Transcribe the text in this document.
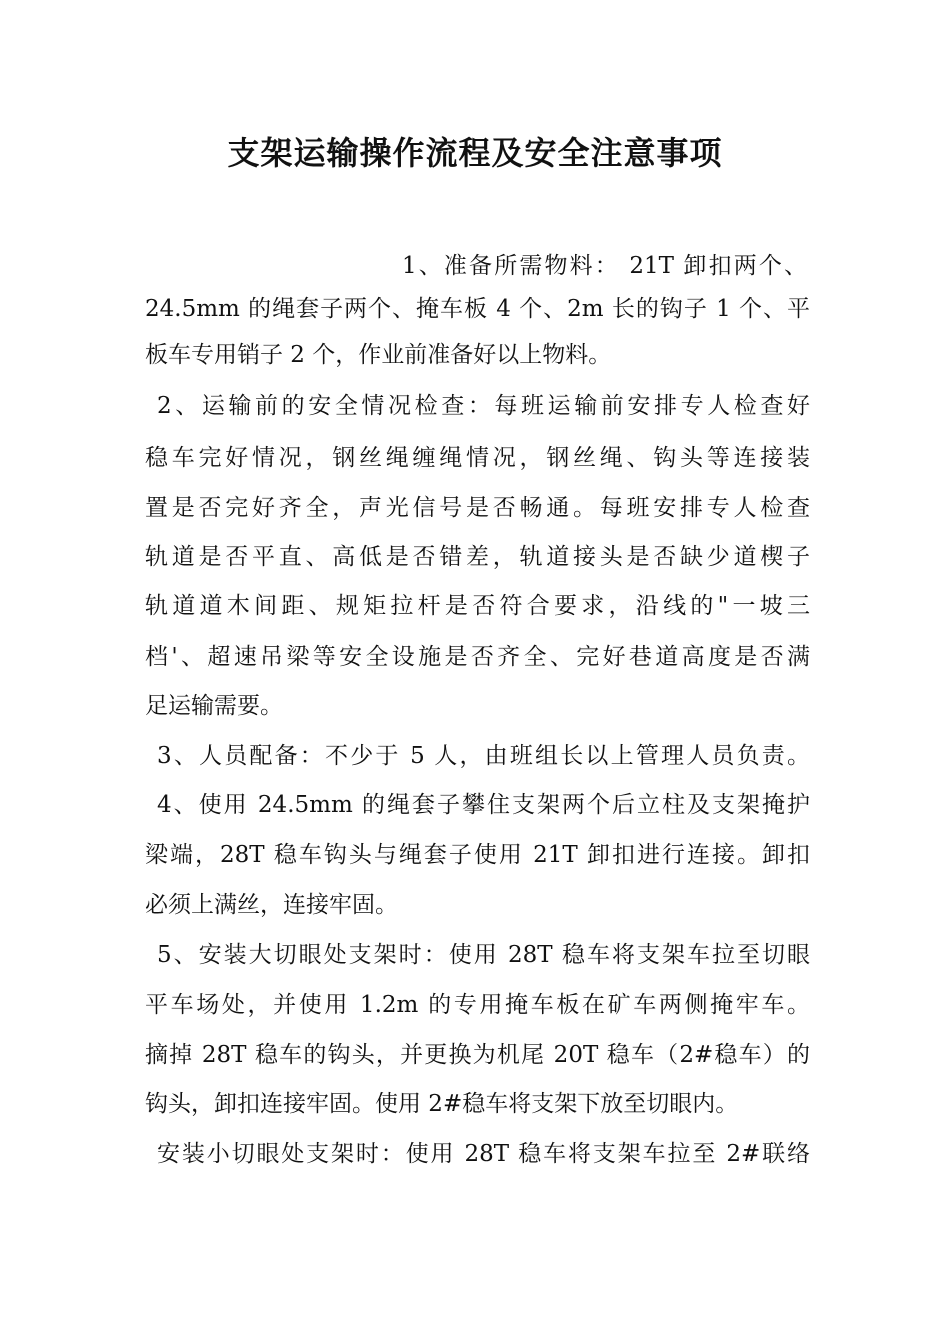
支架运输操作流程及安全注意事项
1、准备所需物料： 21T 卸扣两个、
24.5mm 的绳套子两个、掩车板 4 个、2m 长的钩子 1 个、平
板车专用销子 2 个，作业前准备好以上物料。
2、运输前的安全情况检查：每班运输前安排专人检查好
稳车完好情况，钢丝绳缠绳情况，钢丝绳、钩头等连接装
置是否完好齐全，声光信号是否畅通。每班安排专人检查
轨道是否平直、高低是否错差，轨道接头是否缺少道楔子
轨道道木间距、规矩拉杆是否符合要求，沿线的"一坡三
档'、超速吊梁等安全设施是否齐全、完好巷道高度是否满
足运输需要。
3、人员配备：不少于 5 人，由班组长以上管理人员负责。
4、使用 24.5mm 的绳套子攀住支架两个后立柱及支架掩护
梁端，28T 稳车钩头与绳套子使用 21T 卸扣进行连接。卸扣
必须上满丝，连接牢固。
5、安装大切眼处支架时：使用 28T 稳车将支架车拉至切眼
平车场处，并使用 1.2m 的专用掩车板在矿车两侧掩牢车。
摘掉 28T 稳车的钩头，并更换为机尾 20T 稳车（2#稳车）的
钩头，卸扣连接牢固。使用 2#稳车将支架下放至切眼内。
安装小切眼处支架时：使用 28T 稳车将支架车拉至 2#联络
